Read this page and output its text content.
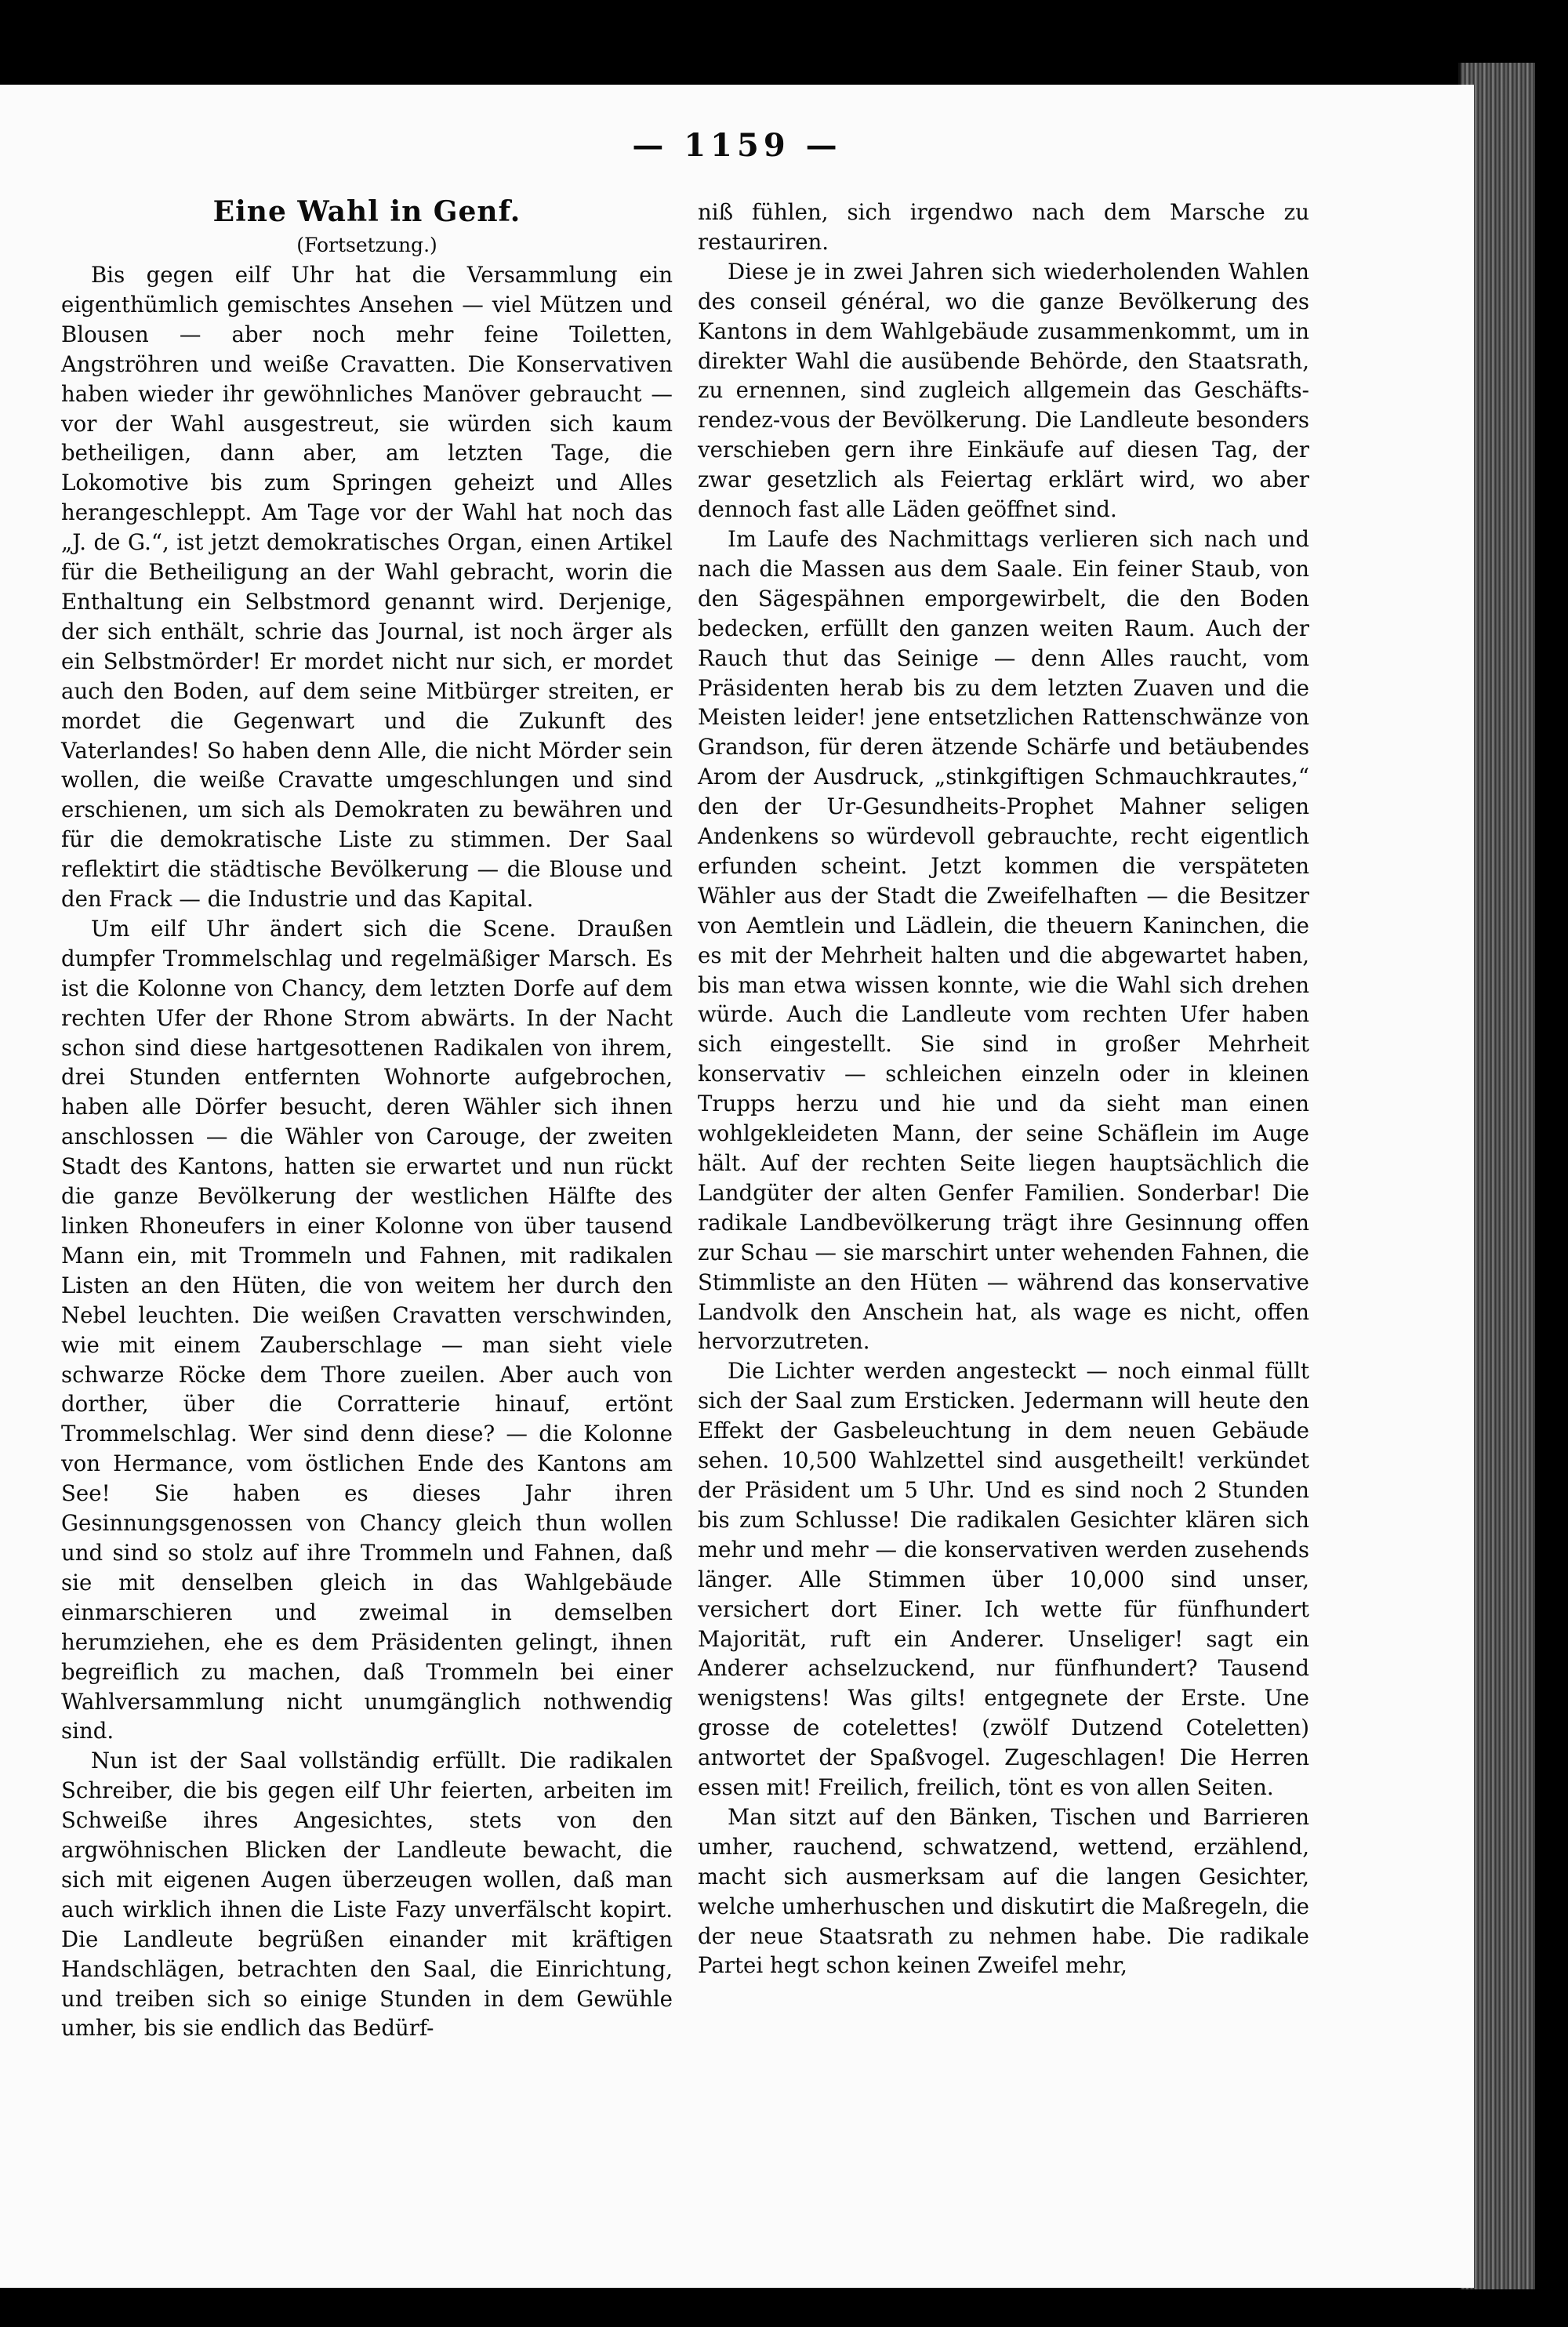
— 1159 —
Eine Wahl in Genf.
(Fortsetzung.)

Bis gegen eilf Uhr hat die Versammlung ein eigenthümlich gemischtes Ansehen — viel Mützen und Blousen — aber noch mehr feine Toiletten, Angströhren und weiße Cravatten. Die Konservativen haben wieder ihr gewöhnliches Manöver gebraucht — vor der Wahl ausgestreut, sie würden sich kaum betheiligen, dann aber, am letzten Tage, die Lokomotive bis zum Springen geheizt und Alles herangeschleppt. Am Tage vor der Wahl hat noch das „J. de G.“, ist jetzt demokratisches Organ, einen Artikel für die Betheiligung an der Wahl gebracht, worin die Enthaltung ein Selbstmord genannt wird. Derjenige, der sich enthält, schrie das Journal, ist noch ärger als ein Selbstmörder! Er mordet nicht nur sich, er mordet auch den Boden, auf dem seine Mitbürger streiten, er mordet die Gegenwart und die Zukunft des Vaterlandes! So haben denn Alle, die nicht Mörder sein wollen, die weiße Cravatte umgeschlungen und sind erschienen, um sich als Demokraten zu bewähren und für die demokratische Liste zu stimmen. Der Saal reflektirt die städtische Bevölkerung — die Blouse und den Frack — die Industrie und das Kapital.

Um eilf Uhr ändert sich die Scene. Draußen dumpfer Trommelschlag und regelmäßiger Marsch. Es ist die Kolonne von Chancy, dem letzten Dorfe auf dem rechten Ufer der Rhone Strom abwärts. In der Nacht schon sind diese hartgesottenen Radikalen von ihrem, drei Stunden entfernten Wohnorte aufgebrochen, haben alle Dörfer besucht, deren Wähler sich ihnen anschlossen — die Wähler von Carouge, der zweiten Stadt des Kantons, hatten sie erwartet und nun rückt die ganze Bevölkerung der westlichen Hälfte des linken Rhoneufers in einer Kolonne von über tausend Mann ein, mit Trommeln und Fahnen, mit radikalen Listen an den Hüten, die von weitem her durch den Nebel leuchten. Die weißen Cravatten verschwinden, wie mit einem Zauberschlage — man sieht viele schwarze Röcke dem Thore zueilen. Aber auch von dorther, über die Corratterie hinauf, ertönt Trommelschlag. Wer sind denn diese? — die Kolonne von Hermance, vom östlichen Ende des Kantons am See! Sie haben es dieses Jahr ihren Gesinnungsgenossen von Chancy gleich thun wollen und sind so stolz auf ihre Trommeln und Fahnen, daß sie mit denselben gleich in das Wahlgebäude einmarschieren und zweimal in demselben herumziehen, ehe es dem Präsidenten gelingt, ihnen begreiflich zu machen, daß Trommeln bei einer Wahlversammlung nicht unumgänglich nothwendig sind.

Nun ist der Saal vollständig erfüllt. Die radikalen Schreiber, die bis gegen eilf Uhr feierten, arbeiten im Schweiße ihres Angesichtes, stets von den argwöhnischen Blicken der Landleute bewacht, die sich mit eigenen Augen überzeugen wollen, daß man auch wirklich ihnen die Liste Fazy unverfälscht kopirt. Die Landleute begrüßen einander mit kräftigen Handschlägen, betrachten den Saal, die Einrichtung, und treiben sich so einige Stunden in dem Gewühle umher, bis sie endlich das Bedürf-

niß fühlen, sich irgendwo nach dem Marsche zu restauriren.

Diese je in zwei Jahren sich wiederholenden Wahlen des conseil général, wo die ganze Bevölkerung des Kantons in dem Wahlgebäude zusammenkommt, um in direkter Wahl die ausübende Behörde, den Staatsrath, zu ernennen, sind zugleich allgemein das Geschäfts-rendez-vous der Bevölkerung. Die Landleute besonders verschieben gern ihre Einkäufe auf diesen Tag, der zwar gesetzlich als Feiertag erklärt wird, wo aber dennoch fast alle Läden geöffnet sind.

Im Laufe des Nachmittags verlieren sich nach und nach die Massen aus dem Saale. Ein feiner Staub, von den Sägespähnen emporgewirbelt, die den Boden bedecken, erfüllt den ganzen weiten Raum. Auch der Rauch thut das Seinige — denn Alles raucht, vom Präsidenten herab bis zu dem letzten Zuaven und die Meisten leider! jene entsetzlichen Rattenschwänze von Grandson, für deren ätzende Schärfe und betäubendes Arom der Ausdruck, „stinkgiftigen Schmauchkrautes,“ den der Ur-Gesundheits-Prophet Mahner seligen Andenkens so würdevoll gebrauchte, recht eigentlich erfunden scheint. Jetzt kommen die verspäteten Wähler aus der Stadt die Zweifelhaften — die Besitzer von Aemtlein und Lädlein, die theuern Kaninchen, die es mit der Mehrheit halten und die abgewartet haben, bis man etwa wissen konnte, wie die Wahl sich drehen würde. Auch die Landleute vom rechten Ufer haben sich eingestellt. Sie sind in großer Mehrheit konservativ — schleichen einzeln oder in kleinen Trupps herzu und hie und da sieht man einen wohlgekleideten Mann, der seine Schäflein im Auge hält. Auf der rechten Seite liegen hauptsächlich die Landgüter der alten Genfer Familien. Sonderbar! Die radikale Landbevölkerung trägt ihre Gesinnung offen zur Schau — sie marschirt unter wehenden Fahnen, die Stimmliste an den Hüten — während das konservative Landvolk den Anschein hat, als wage es nicht, offen hervorzutreten.

Die Lichter werden angesteckt — noch einmal füllt sich der Saal zum Ersticken. Jedermann will heute den Effekt der Gasbeleuchtung in dem neuen Gebäude sehen. 10,500 Wahlzettel sind ausgetheilt! verkündet der Präsident um 5 Uhr. Und es sind noch 2 Stunden bis zum Schlusse! Die radikalen Gesichter klären sich mehr und mehr — die konservativen werden zusehends länger. Alle Stimmen über 10,000 sind unser, versichert dort Einer. Ich wette für fünfhundert Majorität, ruft ein Anderer. Unseliger! sagt ein Anderer achselzuckend, nur fünfhundert? Tausend wenigstens! Was gilts! entgegnete der Erste. Une grosse de cotelettes! (zwölf Dutzend Coteletten) antwortet der Spaßvogel. Zugeschlagen! Die Herren essen mit! Freilich, freilich, tönt es von allen Seiten.

Man sitzt auf den Bänken, Tischen und Barrieren umher, rauchend, schwatzend, wettend, erzählend, macht sich ausmerksam auf die langen Gesichter, welche umherhuschen und diskutirt die Maßregeln, die der neue Staatsrath zu nehmen habe. Die radikale Partei hegt schon keinen Zweifel mehr,
